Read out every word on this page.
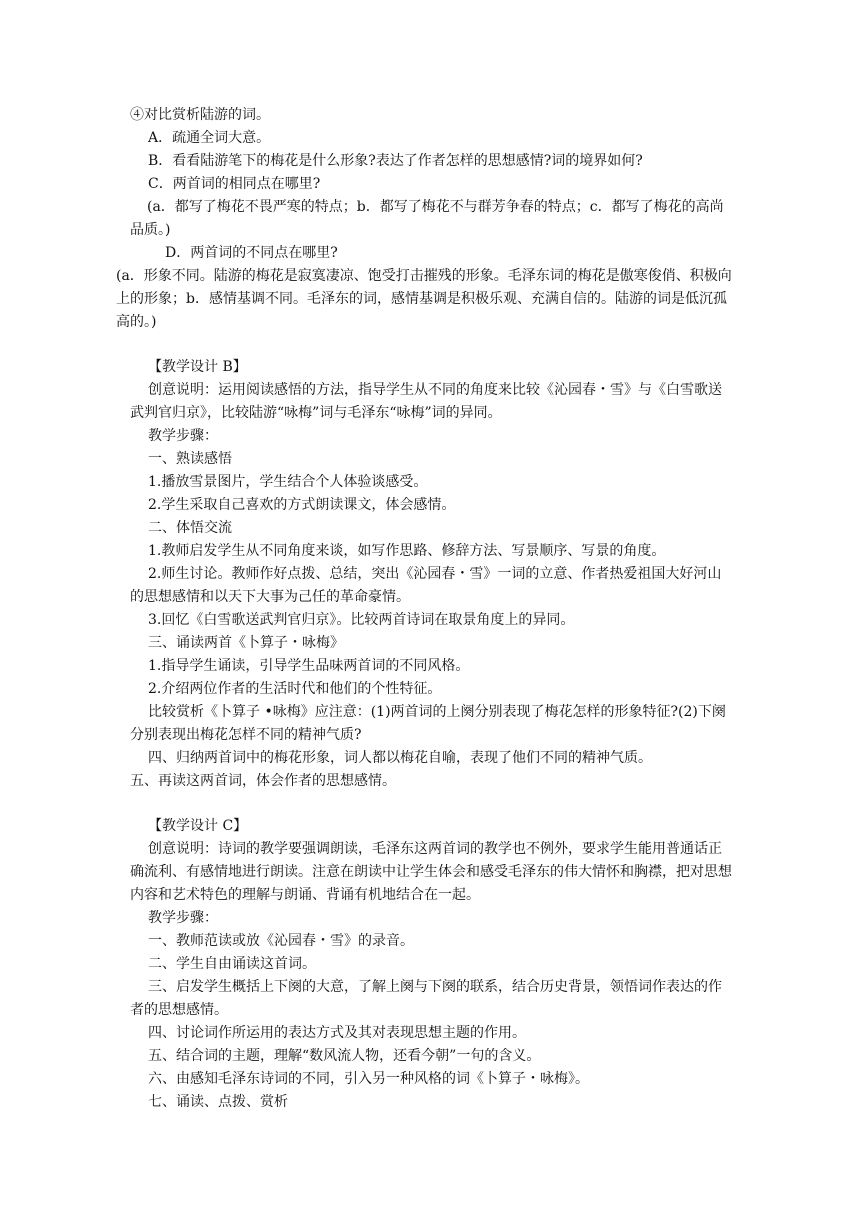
④对比赏析陆游的词。
A．疏通全词大意。
B．看看陆游笔下的梅花是什么形象?表达了作者怎样的思想感情?词的境界如何?
C．两首词的相同点在哪里?
(a．都写了梅花不畏严寒的特点；b．都写了梅花不与群芳争春的特点；c．都写了梅花的高尚品质。)
D．两首词的不同点在哪里?
(a．形象不同。陆游的梅花是寂寞凄凉、饱受打击摧残的形象。毛泽东词的梅花是傲寒俊俏、积极向上的形象；b．感情基调不同。毛泽东的词，感情基调是积极乐观、充满自信的。陆游的词是低沉孤高的。)
【教学设计 B】
创意说明：运用阅读感悟的方法，指导学生从不同的角度来比较《沁园春・雪》与《白雪歌送武判官归京》，比较陆游“咏梅”词与毛泽东“咏梅”词的异同。
教学步骤：
一、熟读感悟
1.播放雪景图片，学生结合个人体验谈感受。
2.学生采取自己喜欢的方式朗读课文，体会感情。
二、体悟交流
1.教师启发学生从不同角度来谈，如写作思路、修辞方法、写景顺序、写景的角度。
2.师生讨论。教师作好点拨、总结，突出《沁园春・雪》一词的立意、作者热爱祖国大好河山的思想感情和以天下大事为己任的革命豪情。
3.回忆《白雪歌送武判官归京》。比较两首诗词在取景角度上的异同。
三、诵读两首《卜算子・咏梅》
1.指导学生诵读，引导学生品味两首词的不同风格。
2.介绍两位作者的生活时代和他们的个性特征。
比较赏析《卜算子 •咏梅》应注意：(1)两首词的上阕分别表现了梅花怎样的形象特征?(2)下阕分别表现出梅花怎样不同的精神气质?
四、归纳两首词中的梅花形象，词人都以梅花自喻，表现了他们不同的精神气质。
五、再读这两首词，体会作者的思想感情。
【教学设计 C】
创意说明：诗词的教学要强调朗读，毛泽东这两首词的教学也不例外，要求学生能用普通话正确流利、有感情地进行朗读。注意在朗读中让学生体会和感受毛泽东的伟大情怀和胸襟，把对思想内容和艺术特色的理解与朗诵、背诵有机地结合在一起。
教学步骤：
一、教师范读或放《沁园春・雪》的录音。
二、学生自由诵读这首词。
三、启发学生概括上下阕的大意，了解上阕与下阕的联系，结合历史背景，领悟词作表达的作者的思想感情。
四、讨论词作所运用的表达方式及其对表现思想主题的作用。
五、结合词的主题，理解“数风流人物，还看今朝”一句的含义。
六、由感知毛泽东诗词的不同，引入另一种风格的词《卜算子・咏梅》。
七、诵读、点拨、赏析
